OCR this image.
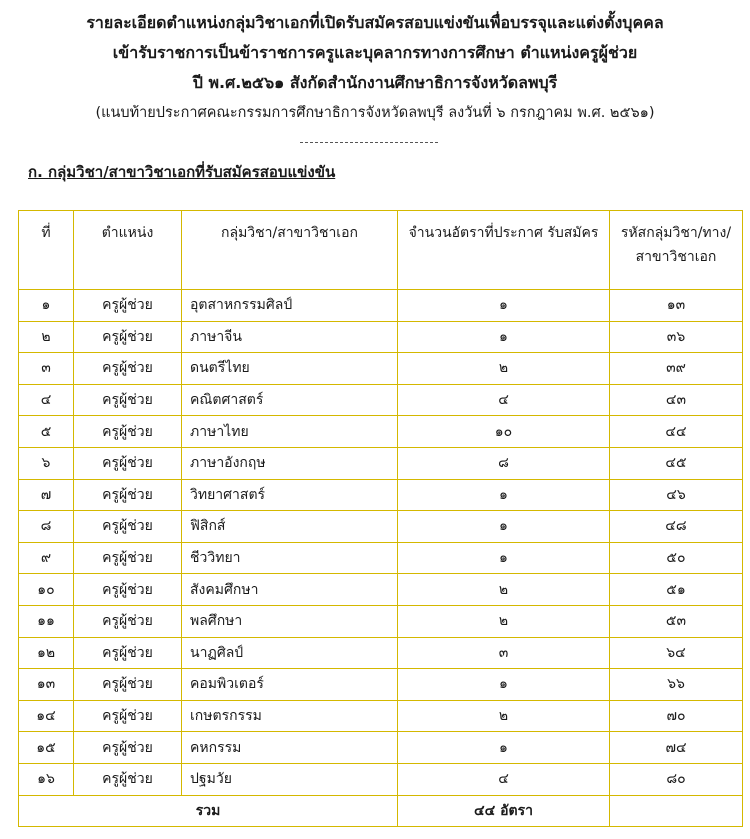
รายละเอียดตำแหน่งกลุ่มวิชาเอกที่เปิดรับสมัครสอบแข่งขันเพื่อบรรจุและแต่งตั้งบุคคล
เข้ารับราชการเป็นข้าราชการครูและบุคลากรทางการศึกษา ตำแหน่งครูผู้ช่วย
ปี พ.ศ.๒๕๖๑ สังกัดสำนักงานศึกษาธิการจังหวัดลพบุรี
(แนบท้ายประกาศคณะกรรมการศึกษาธิการจังหวัดลพบุรี ลงวันที่ ๖ กรกฎาคม พ.ศ. ๒๕๖๑)
ก. กลุ่มวิชา/สาขาวิชาเอกที่รับสมัครสอบแข่งขัน
ที่	ตำแหน่ง	กลุ่มวิชา/สาขาวิชาเอก	จำนวนอัตราที่ประกาศ รับสมัคร	รหัสกลุ่มวิชา/ทาง/ สาขาวิชาเอก
๑	ครูผู้ช่วย	อุตสาหกรรมศิลป์	๑	๑๓
๒	ครูผู้ช่วย	ภาษาจีน	๑	๓๖
๓	ครูผู้ช่วย	ดนตรีไทย	๒	๓๙
๔	ครูผู้ช่วย	คณิตศาสตร์	๔	๔๓
๕	ครูผู้ช่วย	ภาษาไทย	๑๐	๔๔
๖	ครูผู้ช่วย	ภาษาอังกฤษ	๘	๔๕
๗	ครูผู้ช่วย	วิทยาศาสตร์	๑	๔๖
๘	ครูผู้ช่วย	ฟิสิกส์	๑	๔๘
๙	ครูผู้ช่วย	ชีววิทยา	๑	๕๐
๑๐	ครูผู้ช่วย	สังคมศึกษา	๒	๕๑
๑๑	ครูผู้ช่วย	พลศึกษา	๒	๕๓
๑๒	ครูผู้ช่วย	นาฏศิลป์	๓	๖๔
๑๓	ครูผู้ช่วย	คอมพิวเตอร์	๑	๖๖
๑๔	ครูผู้ช่วย	เกษตรกรรม	๒	๗๐
๑๕	ครูผู้ช่วย	คหกรรม	๑	๗๔
๑๖	ครูผู้ช่วย	ปฐมวัย	๔	๘๐
รวม			๔๔ อัตรา	
